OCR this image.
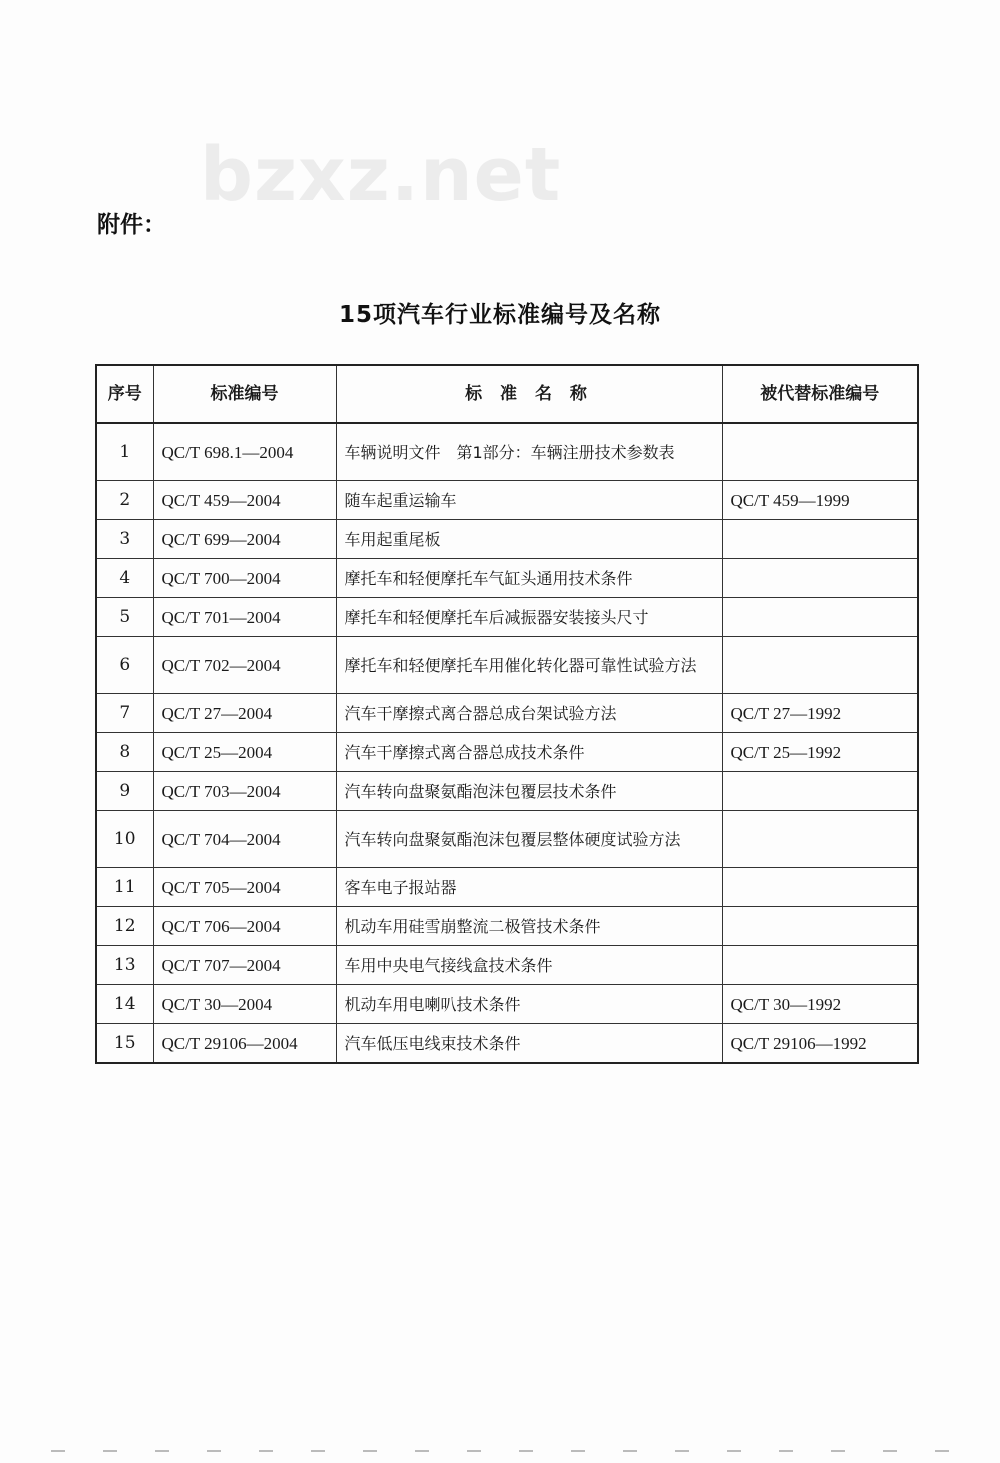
bzxz.net
附件：
15项汽车行业标准编号及名称
序号	标准编号	标 准 名 称	被代替标准编号
1	QC/T 698.1—2004	车辆说明文件　第1部分：车辆注册技术参数表	
2	QC/T 459—2004	随车起重运输车	QC/T 459—1999
3	QC/T 699—2004	车用起重尾板	
4	QC/T 700—2004	摩托车和轻便摩托车气缸头通用技术条件	
5	QC/T 701—2004	摩托车和轻便摩托车后减振器安装接头尺寸	
6	QC/T 702—2004	摩托车和轻便摩托车用催化转化器可靠性试验方法	
7	QC/T 27—2004	汽车干摩擦式离合器总成台架试验方法	QC/T 27—1992
8	QC/T 25—2004	汽车干摩擦式离合器总成技术条件	QC/T 25—1992
9	QC/T 703—2004	汽车转向盘聚氨酯泡沫包覆层技术条件	
10	QC/T 704—2004	汽车转向盘聚氨酯泡沫包覆层整体硬度试验方法	
11	QC/T 705—2004	客车电子报站器	
12	QC/T 706—2004	机动车用硅雪崩整流二极管技术条件	
13	QC/T 707—2004	车用中央电气接线盒技术条件	
14	QC/T 30—2004	机动车用电喇叭技术条件	QC/T 30—1992
15	QC/T 29106—2004	汽车低压电线束技术条件	QC/T 29106—1992
